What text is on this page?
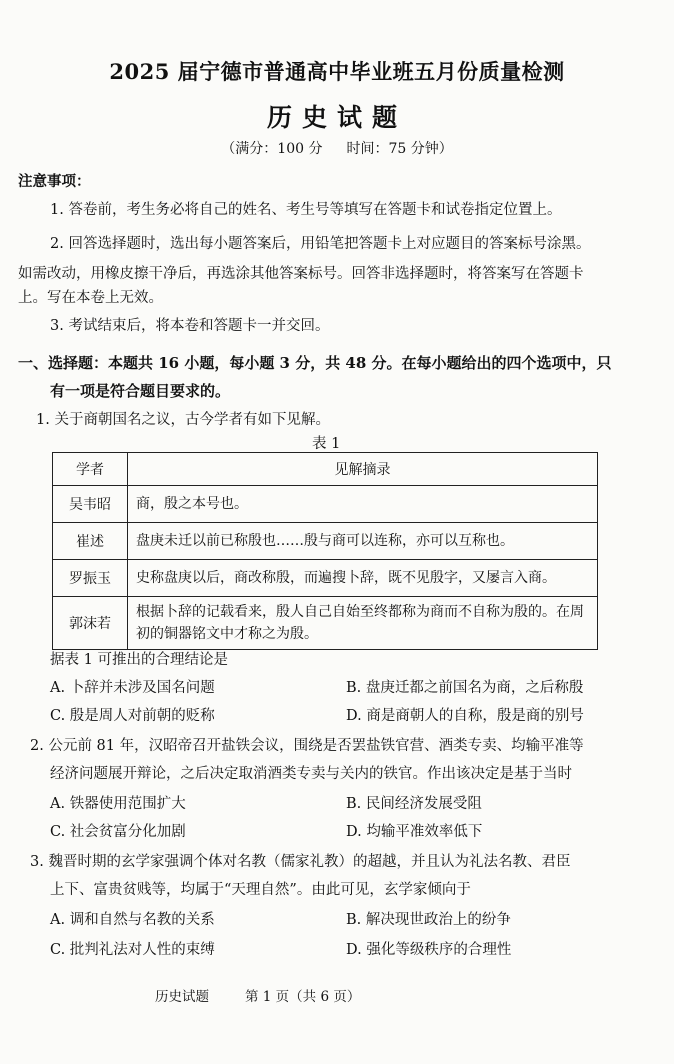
2025 届宁德市普通高中毕业班五月份质量检测
历史试题
（满分：100 分 时间：75 分钟）
注意事项：
1. 答卷前，考生务必将自己的姓名、考生号等填写在答题卡和试卷指定位置上。
2. 回答选择题时，选出每小题答案后，用铅笔把答题卡上对应题目的答案标号涂黑。
如需改动，用橡皮擦干净后，再选涂其他答案标号。回答非选择题时，将答案写在答题卡
上。写在本卷上无效。
3. 考试结束后，将本卷和答题卡一并交回。
一、选择题：本题共 16 小题，每小题 3 分，共 48 分。在每小题给出的四个选项中，只
有一项是符合题目要求的。
1. 关于商朝国名之议，古今学者有如下见解。
表 1
学者	见解摘录
吴韦昭	商，殷之本号也。
崔述	盘庚未迁以前已称殷也……殷与商可以连称，亦可以互称也。
罗振玉	史称盘庚以后，商改称殷，而遍搜卜辞，既不见殷字，又屡言入商。
郭沫若	根据卜辞的记载看来，殷人自己自始至终都称为商而不自称为殷的。在周初的铜器铭文中才称之为殷。
据表 1 可推出的合理结论是
A. 卜辞并未涉及国名问题	B. 盘庚迁都之前国名为商，之后称殷
C. 殷是周人对前朝的贬称	D. 商是商朝人的自称，殷是商的别号
2. 公元前 81 年，汉昭帝召开盐铁会议，围绕是否罢盐铁官营、酒类专卖、均输平准等
经济问题展开辩论，之后决定取消酒类专卖与关内的铁官。作出该决定是基于当时
A. 铁器使用范围扩大	B. 民间经济发展受阻
C. 社会贫富分化加剧	D. 均输平准效率低下
3. 魏晋时期的玄学家强调个体对名教（儒家礼教）的超越，并且认为礼法名教、君臣
上下、富贵贫贱等，均属于“天理自然”。由此可见，玄学家倾向于
A. 调和自然与名教的关系	B. 解决现世政治上的纷争
C. 批判礼法对人性的束缚	D. 强化等级秩序的合理性
历史试题	第 1 页（共 6 页）
